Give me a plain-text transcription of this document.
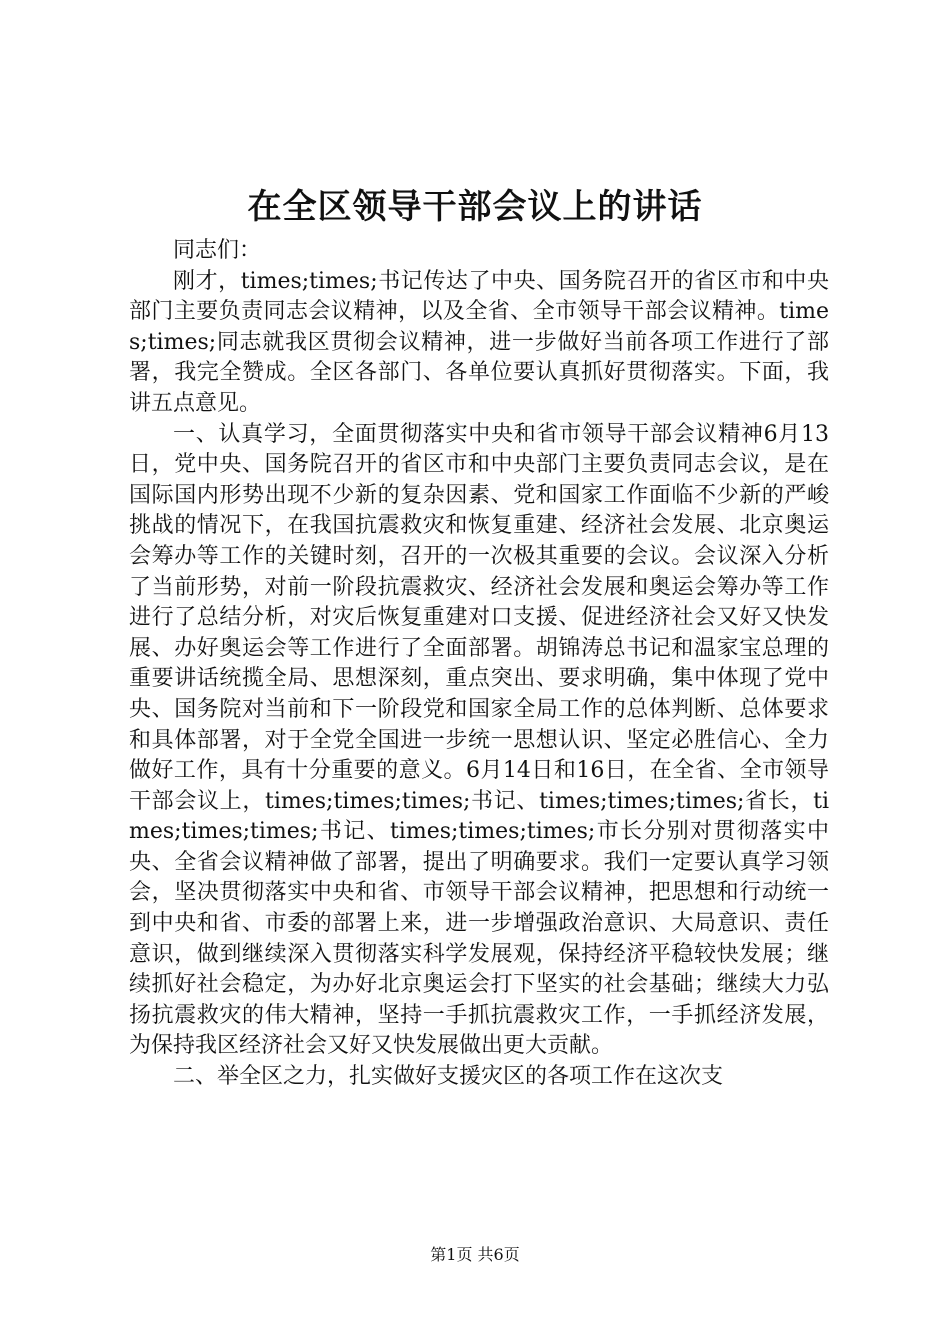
在全区领导干部会议上的讲话

同志们：

刚才，times;times;书记传达了中央、国务院召开的省区市和中央部门主要负责同志会议精神，以及全省、全市领导干部会议精神。times;times;同志就我区贯彻会议精神，进一步做好当前各项工作进行了部署，我完全赞成。全区各部门、各单位要认真抓好贯彻落实。下面，我讲五点意见。

一、认真学习，全面贯彻落实中央和省市领导干部会议精神6月13日，党中央、国务院召开的省区市和中央部门主要负责同志会议，是在国际国内形势出现不少新的复杂因素、党和国家工作面临不少新的严峻挑战的情况下，在我国抗震救灾和恢复重建、经济社会发展、北京奥运会筹办等工作的关键时刻，召开的一次极其重要的会议。会议深入分析了当前形势，对前一阶段抗震救灾、经济社会发展和奥运会筹办等工作进行了总结分析，对灾后恢复重建对口支援、促进经济社会又好又快发展、办好奥运会等工作进行了全面部署。胡锦涛总书记和温家宝总理的重要讲话统揽全局、思想深刻，重点突出、要求明确，集中体现了党中央、国务院对当前和下一阶段党和国家全局工作的总体判断、总体要求和具体部署，对于全党全国进一步统一思想认识、坚定必胜信心、全力做好工作，具有十分重要的意义。6月14日和16日，在全省、全市领导干部会议上，times;times;times;书记、times;times;times;省长，times;times;times;书记、times;times;times;市长分别对贯彻落实中央、全省会议精神做了部署，提出了明确要求。我们一定要认真学习领会，坚决贯彻落实中央和省、市领导干部会议精神，把思想和行动统一到中央和省、市委的部署上来，进一步增强政治意识、大局意识、责任意识，做到继续深入贯彻落实科学发展观，保持经济平稳较快发展；继续抓好社会稳定，为办好北京奥运会打下坚实的社会基础；继续大力弘扬抗震救灾的伟大精神，坚持一手抓抗震救灾工作，一手抓经济发展，为保持我区经济社会又好又快发展做出更大贡献。

二、举全区之力，扎实做好支援灾区的各项工作在这次支

第1页 共6页
